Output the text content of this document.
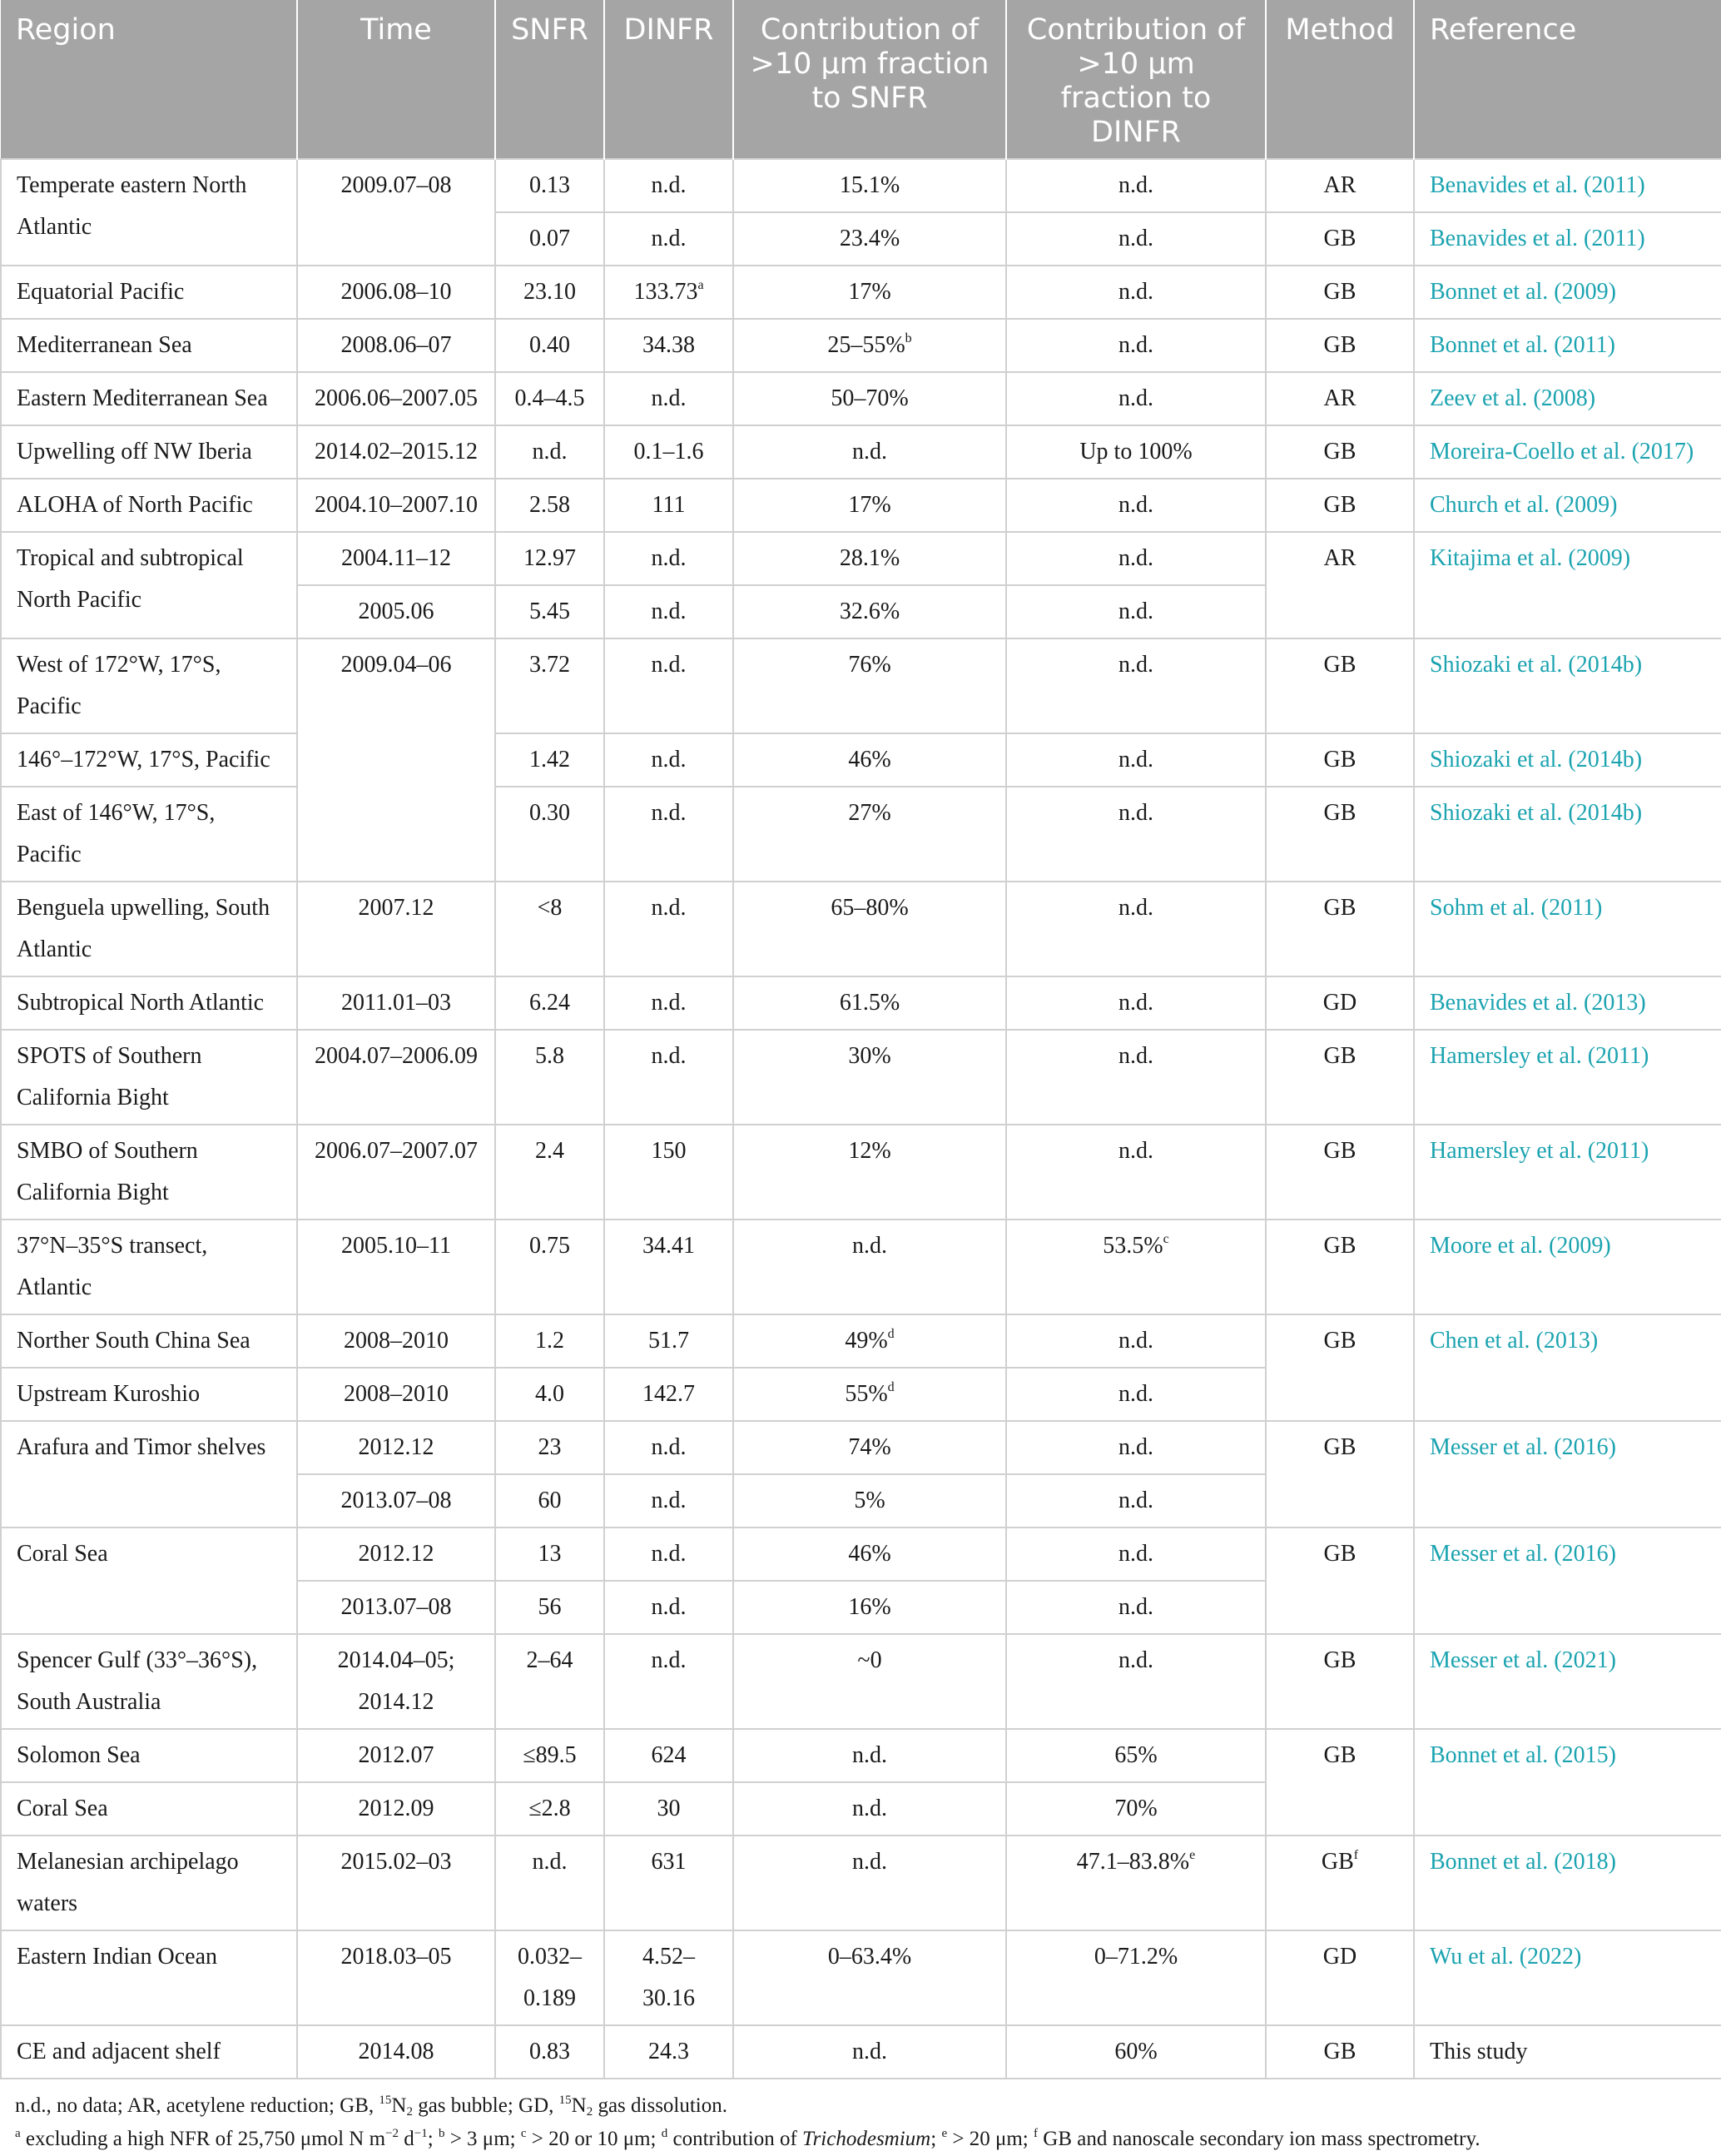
Region	Time	SNFR	DINFR	Contribution of >10 μm fraction to SNFR	Contribution of >10 μm fraction to DINFR	Method	Reference
Temperate eastern North Atlantic	2009.07–08	0.13	n.d.	15.1%	n.d.	AR	Benavides et al. (2011)
		0.07	n.d.	23.4%	n.d.	GB	Benavides et al. (2011)
Equatorial Pacific	2006.08–10	23.10	133.73$^a$	17%	n.d.	GB	Bonnet et al. (2009)
Mediterranean Sea	2008.06–07	0.40	34.38	25–55%$^b$	n.d.	GB	Bonnet et al. (2011)
Eastern Mediterranean Sea	2006.06–2007.05	0.4–4.5	n.d.	50–70%	n.d.	AR	Zeev et al. (2008)
Upwelling off NW Iberia	2014.02–2015.12	n.d.	0.1–1.6	n.d.	Up to 100%	GB	Moreira-Coello et al. (2017)
ALOHA of North Pacific	2004.10–2007.10	2.58	111	17%	n.d.	GB	Church et al. (2009)
Tropical and subtropical North Pacific	2004.11–12	12.97	n.d.	28.1%	n.d.	AR	Kitajima et al. (2009)
	2005.06	5.45	n.d.	32.6%	n.d.		
West of 172°W, 17°S, Pacific	2009.04–06	3.72	n.d.	76%	n.d.	GB	Shiozaki et al. (2014b)
146°–172°W, 17°S, Pacific		1.42	n.d.	46%	n.d.	GB	Shiozaki et al. (2014b)
East of 146°W, 17°S, Pacific		0.30	n.d.	27%	n.d.	GB	Shiozaki et al. (2014b)
Benguela upwelling, South Atlantic	2007.12	<8	n.d.	65–80%	n.d.	GB	Sohm et al. (2011)
Subtropical North Atlantic	2011.01–03	6.24	n.d.	61.5%	n.d.	GD	Benavides et al. (2013)
SPOTS of Southern California Bight	2004.07–2006.09	5.8	n.d.	30%	n.d.	GB	Hamersley et al. (2011)
SMBO of Southern California Bight	2006.07–2007.07	2.4	150	12%	n.d.	GB	Hamersley et al. (2011)
37°N–35°S transect, Atlantic	2005.10–11	0.75	34.41	n.d.	53.5%$^c$	GB	Moore et al. (2009)
Norther South China Sea	2008–2010	1.2	51.7	49%$^d$	n.d.	GB	Chen et al. (2013)
Upstream Kuroshio	2008–2010	4.0	142.7	55%$^d$	n.d.		
Arafura and Timor shelves	2012.12	23	n.d.	74%	n.d.	GB	Messer et al. (2016)
	2013.07–08	60	n.d.	5%	n.d.		
Coral Sea	2012.12	13	n.d.	46%	n.d.	GB	Messer et al. (2016)
	2013.07–08	56	n.d.	16%	n.d.		
Spencer Gulf (33°–36°S), South Australia	2014.04–05; 2014.12	2–64	n.d.	~0	n.d.	GB	Messer et al. (2021)
Solomon Sea	2012.07	≤89.5	624	n.d.	65%	GB	Bonnet et al. (2015)
Coral Sea	2012.09	≤2.8	30	n.d.	70%		
Melanesian archipelago waters	2015.02–03	n.d.	631	n.d.	47.1–83.8%$^e$	$GB^f$	Bonnet et al. (2018)
Eastern Indian Ocean	2018.03–05	0.032–0.189	4.52–30.16	0–63.4%	0–71.2%	GD	Wu et al. (2022)
CE and adjacent shelf	2014.08	0.83	24.3	n.d.	60%	GB	This study

n.d., no data; AR, acetylene reduction; GB, $^{15}N_2$ gas bubble; GD, $^{15}N_2$ gas dissolution.

$^a$ excluding a high NFR of 25,750 μmol N $m^{-2}$ $d^{-1}$; $^b$ > 3 μm; $^c$ > 20 or 10 μm; $^d$ contribution of Trichodesmium; $^e$ > 20 μm; $^f$ GB and nanoscale secondary ion mass spectrometry.
